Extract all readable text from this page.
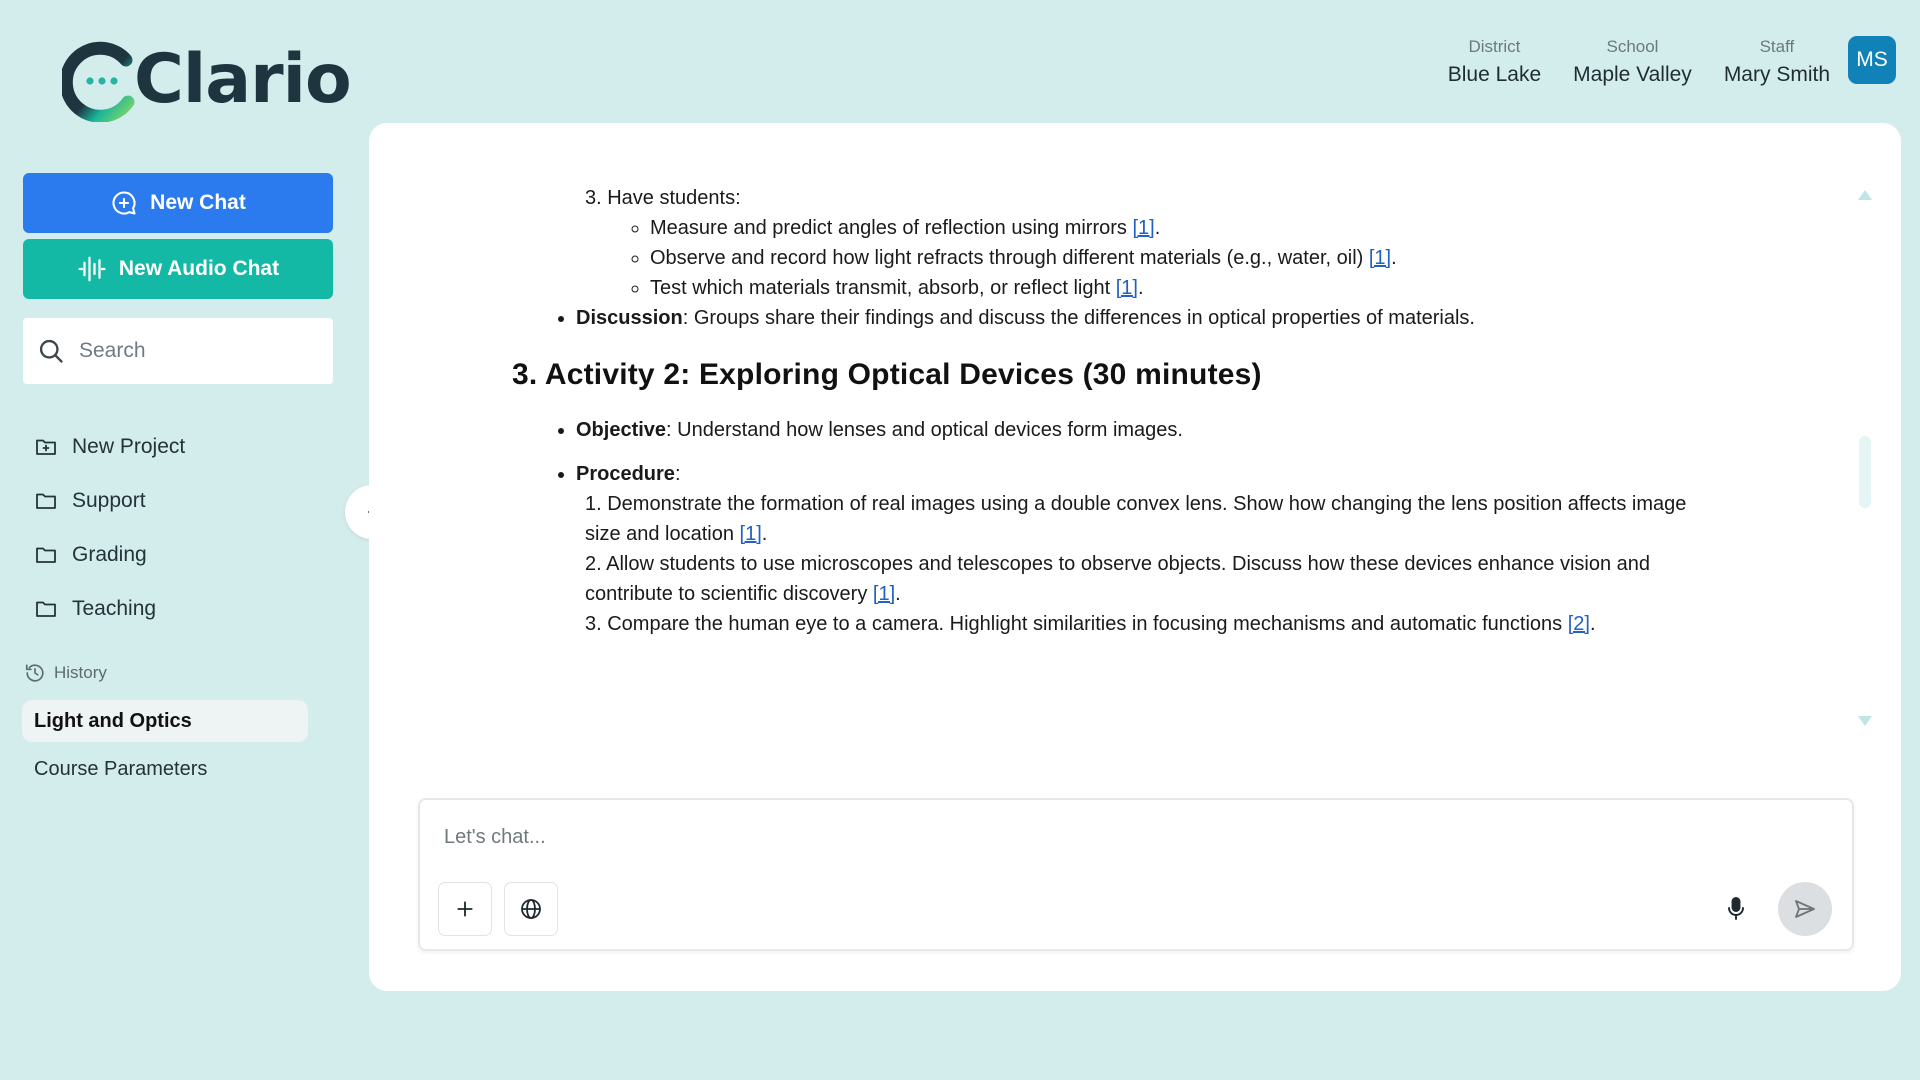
Clario	District
Blue Lake
School
Maple Valley
Staff
Mary Smith
MS
New Chat
New Audio Chat
Search
New Project
Support
Grading
Teaching
History
Light and Optics
Course Parameters
3. Have students:
◦ Measure and predict angles of reflection using mirrors [1].
◦ Observe and record how light refracts through different materials (e.g., water, oil) [1].
◦ Test which materials transmit, absorb, or reflect light [1].
• Discussion: Groups share their findings and discuss the differences in optical properties of materials.
3. Activity 2: Exploring Optical Devices (30 minutes)
• Objective: Understand how lenses and optical devices form images.
• Procedure:
1. Demonstrate the formation of real images using a double convex lens. Show how changing the lens position affects image
size and location [1].
2. Allow students to use microscopes and telescopes to observe objects. Discuss how these devices enhance vision and
contribute to scientific discovery [1].
3. Compare the human eye to a camera. Highlight similarities in focusing mechanisms and automatic functions [2].
Let's chat...
